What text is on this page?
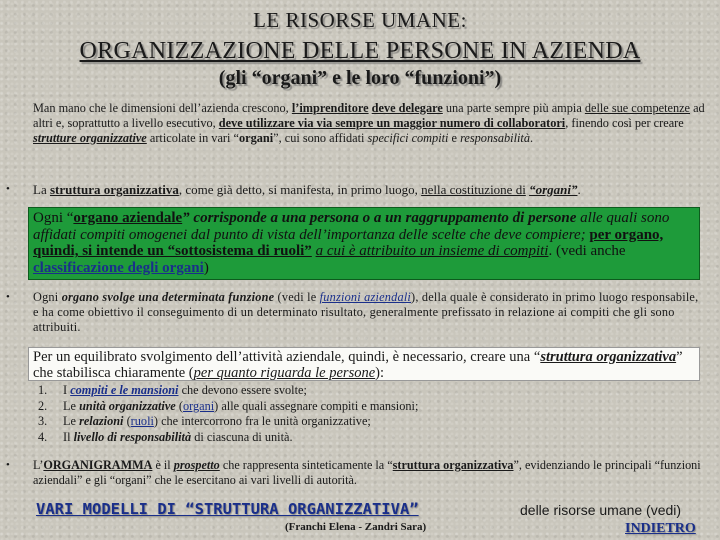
LE RISORSE UMANE:
ORGANIZZAZIONE DELLE PERSONE IN AZIENDA
(gli “organi” e le loro “funzioni”)
Man mano che le dimensioni dell’azienda crescono, l’imprenditore deve delegare una parte sempre più ampia delle sue competenze ad altri e, soprattutto a livello esecutivo, deve utilizzare via via sempre un maggior numero di collaboratori, finendo così per creare strutture organizzative articolate in vari “organi”, cui sono affidati specifici compiti e responsabilità.
• La struttura organizzativa, come già detto, si manifesta, in primo luogo, nella costituzione di “organi”.
Ogni “organo aziendale” corrisponde a una persona o a un raggruppamento di persone alle quali sono affidati compiti omogenei dal punto di vista dell’importanza delle scelte che deve compiere; per organo, quindi, si intende un “sottosistema di ruoli” a cui è attribuito un insieme di compiti. (vedi anche classificazione degli organi)
• Ogni organo svolge una determinata funzione (vedi le funzioni aziendali), della quale è considerato in primo luogo responsabile, e ha come obiettivo il conseguimento di un determinato risultato, generalmente prefissato in relazione ai compiti che gli sono attribuiti.
Per un equilibrato svolgimento dell’attività aziendale, quindi, è necessario, creare una “struttura organizzativa” che stabilisca chiaramente (per quanto riguarda le persone):
1.	I compiti e le mansioni che devono essere svolte;
2.	Le unità organizzative (organi) alle quali assegnare compiti e mansioni;
3.	Le relazioni (ruoli) che intercorrono fra le unità organizzative;
4.	Il livello di responsabilità di ciascuna di unità.
• L’ORGANIGRAMMA è il prospetto che rappresenta sinteticamente la “struttura organizzativa”, evidenziando le principali “funzioni aziendali” e gli “organi” che le esercitano ai vari livelli di autorità.
VARI MODELLI DI “STRUTTURA ORGANIZZATIVA”	delle risorse umane (vedi)
(Franchi Elena - Zandri Sara)	INDIETRO
